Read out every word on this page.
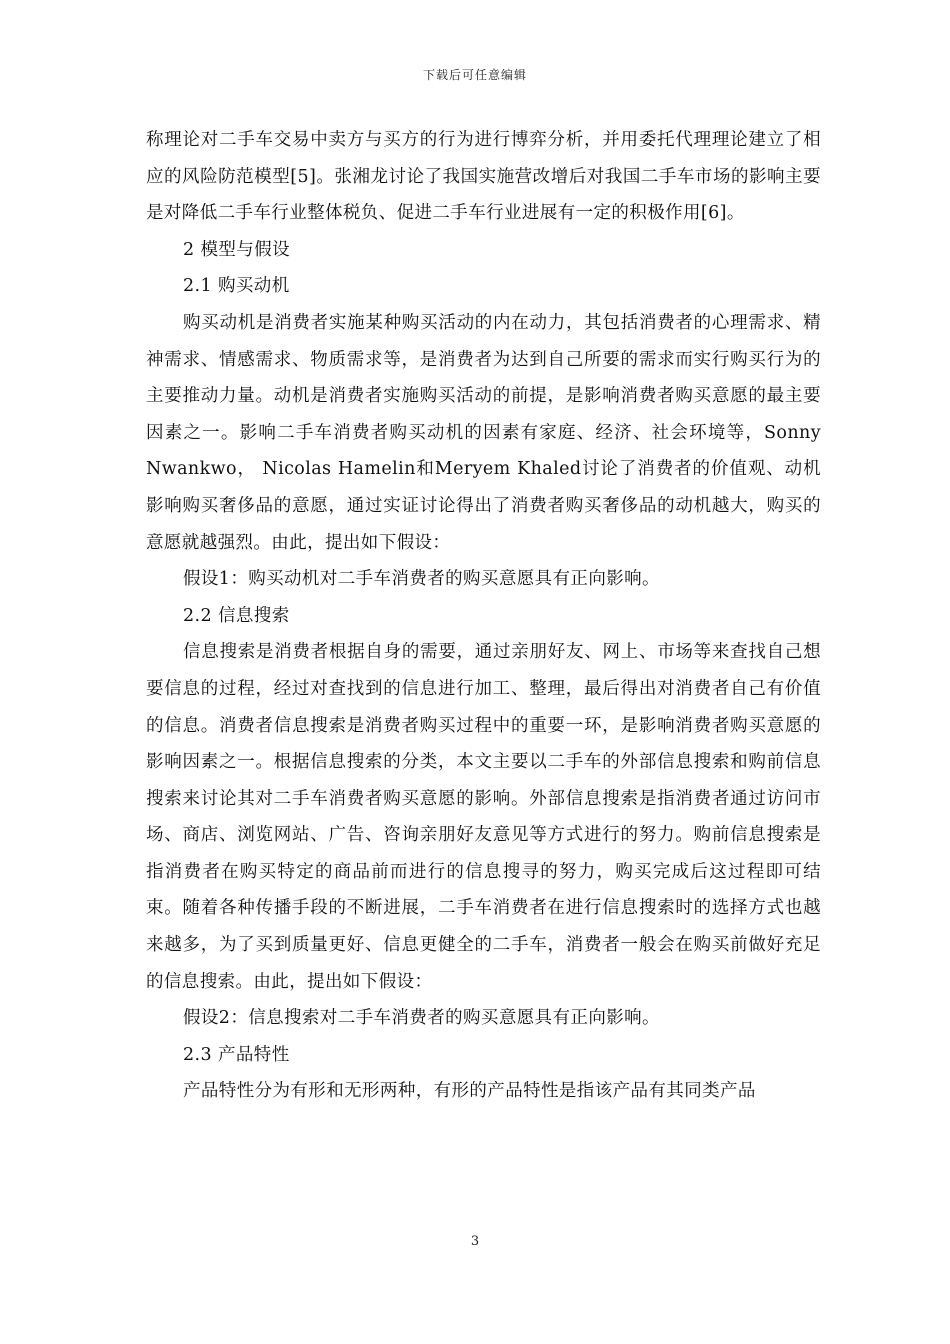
下载后可任意编辑

称理论对二手车交易中卖方与买方的行为进行博弈分析，并用委托代理理论建立了相应的风险防范模型[5]。张湘龙讨论了我国实施营改增后对我国二手车市场的影响主要是对降低二手车行业整体税负、促进二手车行业进展有一定的积极作用[6]。

2 模型与假设

2.1 购买动机

购买动机是消费者实施某种购买活动的内在动力，其包括消费者的心理需求、精神需求、情感需求、物质需求等，是消费者为达到自己所要的需求而实行购买行为的主要推动力量。动机是消费者实施购买活动的前提，是影响消费者购买意愿的最主要因素之一。影响二手车消费者购买动机的因素有家庭、经济、社会环境等，Sonny Nwankwo， Nicolas Hamelin和Meryem Khaled讨论了消费者的价值观、动机影响购买奢侈品的意愿，通过实证讨论得出了消费者购买奢侈品的动机越大，购买的意愿就越强烈。由此，提出如下假设：

假设1：购买动机对二手车消费者的购买意愿具有正向影响。

2.2 信息搜索

信息搜索是消费者根据自身的需要，通过亲朋好友、网上、市场等来查找自己想要信息的过程，经过对查找到的信息进行加工、整理，最后得出对消费者自己有价值的信息。消费者信息搜索是消费者购买过程中的重要一环，是影响消费者购买意愿的影响因素之一。根据信息搜索的分类，本文主要以二手车的外部信息搜索和购前信息搜索来讨论其对二手车消费者购买意愿的影响。外部信息搜索是指消费者通过访问市场、商店、浏览网站、广告、咨询亲朋好友意见等方式进行的努力。购前信息搜索是指消费者在购买特定的商品前而进行的信息搜寻的努力，购买完成后这过程即可结束。随着各种传播手段的不断进展，二手车消费者在进行信息搜索时的选择方式也越来越多，为了买到质量更好、信息更健全的二手车，消费者一般会在购买前做好充足的信息搜索。由此，提出如下假设：

假设2：信息搜索对二手车消费者的购买意愿具有正向影响。

2.3 产品特性

产品特性分为有形和无形两种，有形的产品特性是指该产品有其同类产品

3
